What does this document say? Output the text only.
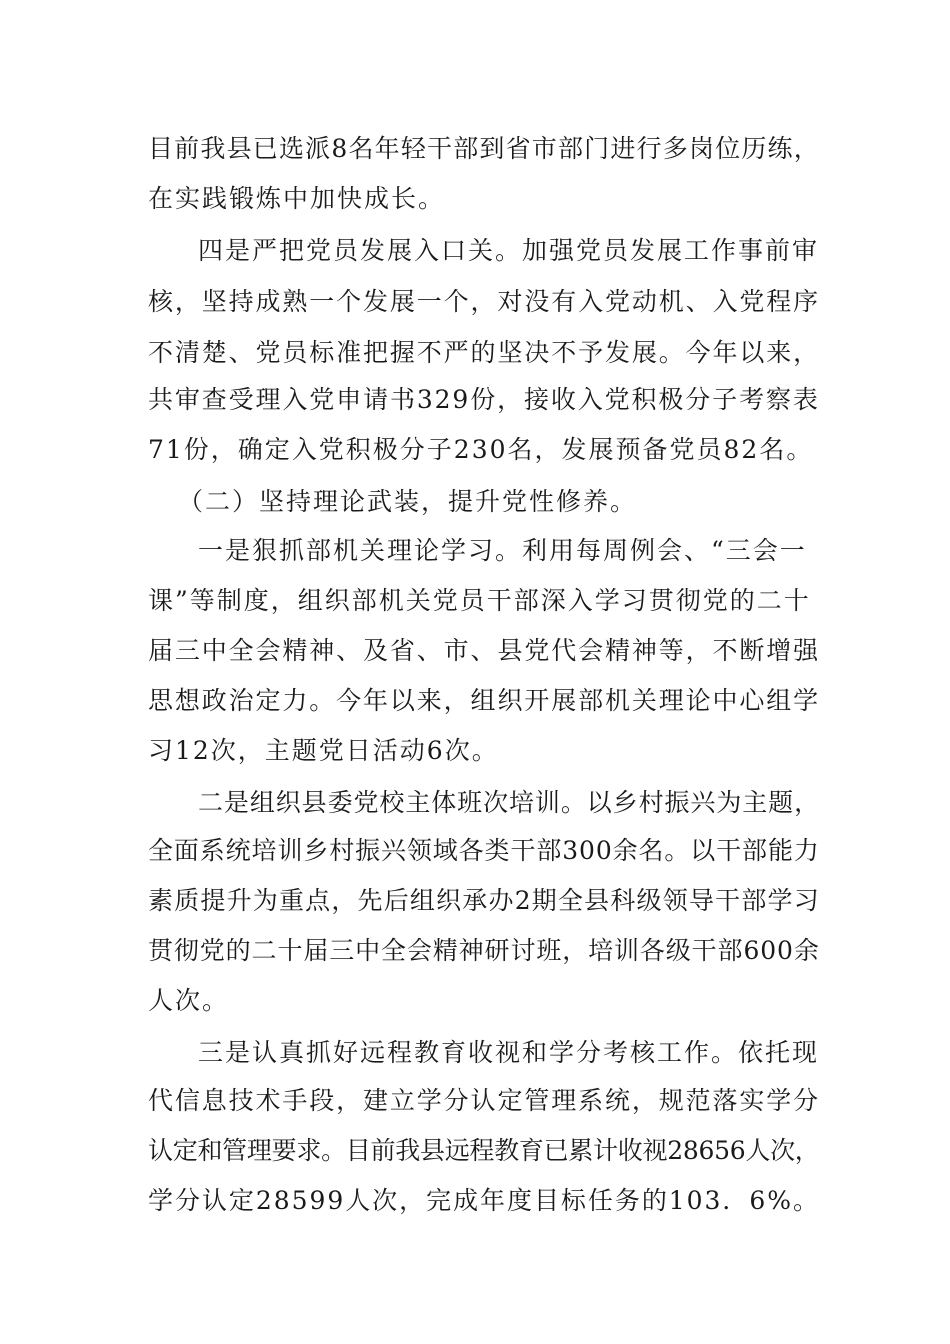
目前我县已选派8名年轻干部到省市部门进行多岗位历练，
在实践锻炼中加快成长。
四是严把党员发展入口关。加强党员发展工作事前审
核，坚持成熟一个发展一个，对没有入党动机、入党程序
不清楚、党员标准把握不严的坚决不予发展。今年以来，
共审查受理入党申请书329份，接收入党积极分子考察表
71份，确定入党积极分子230名，发展预备党员82名。
（二）坚持理论武装，提升党性修养。
一是狠抓部机关理论学习。利用每周例会、“三会一
课”等制度，组织部机关党员干部深入学习贯彻党的二十
届三中全会精神、及省、市、县党代会精神等，不断增强
思想政治定力。今年以来，组织开展部机关理论中心组学
习12次，主题党日活动6次。
二是组织县委党校主体班次培训。以乡村振兴为主题，
全面系统培训乡村振兴领域各类干部300余名。以干部能力
素质提升为重点，先后组织承办2期全县科级领导干部学习
贯彻党的二十届三中全会精神研讨班，培训各级干部600余
人次。
三是认真抓好远程教育收视和学分考核工作。依托现
代信息技术手段，建立学分认定管理系统，规范落实学分
认定和管理要求。目前我县远程教育已累计收视28656人次，
学分认定28599人次，完成年度目标任务的103．6%。
